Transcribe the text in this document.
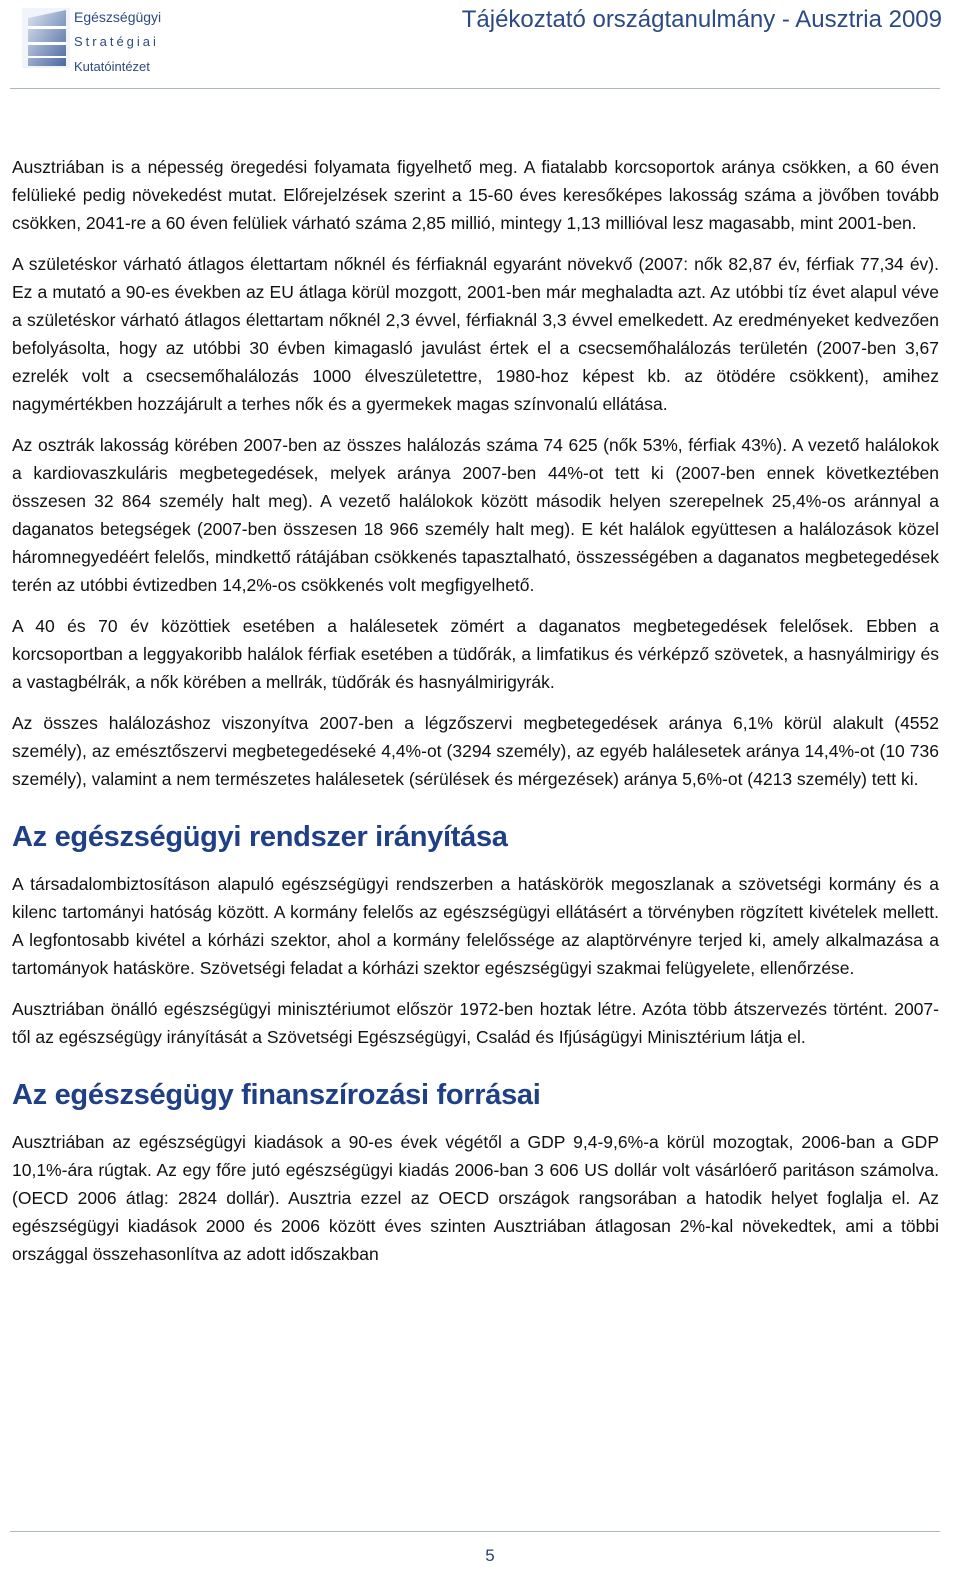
Egészségügyi
Stratégiai
Kutatóintézet
Tájékoztató országtanulmány - Ausztria 2009

Ausztriában is a népesség öregedési folyamata figyelhető meg. A fiatalabb korcsoportok aránya csökken, a 60 éven felülieké pedig növekedést mutat. Előrejelzések szerint a 15-60 éves keresőképes lakosság száma a jövőben tovább csökken, 2041-re a 60 éven felüliek várható száma 2,85 millió, mintegy 1,13 millióval lesz magasabb, mint 2001-ben.

A születéskor várható átlagos élettartam nőknél és férfiaknál egyaránt növekvő (2007: nők 82,87 év, férfiak 77,34 év). Ez a mutató a 90-es években az EU átlaga körül mozgott, 2001-ben már meghaladta azt. Az utóbbi tíz évet alapul véve a születéskor várható átlagos élettartam nőknél 2,3 évvel, férfiaknál 3,3 évvel emelkedett. Az eredményeket kedvezően befolyásolta, hogy az utóbbi 30 évben kimagasló javulást értek el a csecsemőhalálozás területén (2007-ben 3,67 ezrelék volt a csecsemőhalálozás 1000 élveszületettre, 1980-hoz képest kb. az ötödére csökkent), amihez nagymértékben hozzájárult a terhes nők és a gyermekek magas színvonalú ellátása.

Az osztrák lakosság körében 2007-ben az összes halálozás száma 74 625 (nők 53%, férfiak 43%). A vezető halálokok a kardiovaszkuláris megbetegedések, melyek aránya 2007-ben 44%-ot tett ki (2007-ben ennek következtében összesen 32 864 személy halt meg). A vezető halálokok között második helyen szerepelnek 25,4%-os aránnyal a daganatos betegségek (2007-ben összesen 18 966 személy halt meg). E két halálok együttesen a halálozások közel háromnegyedéért felelős, mindkettő rátájában csökkenés tapasztalható, összességében a daganatos megbetegedések terén az utóbbi évtizedben 14,2%-os csökkenés volt megfigyelhető.

A 40 és 70 év közöttiek esetében a halálesetek zömért a daganatos megbetegedések felelősek. Ebben a korcsoportban a leggyakoribb halálok férfiak esetében a tüdőrák, a limfatikus és vérképző szövetek, a hasnyálmirigy és a vastagbélrák, a nők körében a mellrák, tüdőrák és hasnyálmirigyrák.

Az összes halálozáshoz viszonyítva 2007-ben a légzőszervi megbetegedések aránya 6,1% körül alakult (4552 személy), az emésztőszervi megbetegedéseké 4,4%-ot (3294 személy), az egyéb halálesetek aránya 14,4%-ot (10 736 személy), valamint a nem természetes halálesetek (sérülések és mérgezések) aránya 5,6%-ot (4213 személy) tett ki.

Az egészségügyi rendszer irányítása

A társadalombiztosításon alapuló egészségügyi rendszerben a hatáskörök megoszlanak a szövetségi kormány és a kilenc tartományi hatóság között. A kormány felelős az egészségügyi ellátásért a törvényben rögzített kivételek mellett. A legfontosabb kivétel a kórházi szektor, ahol a kormány felelőssége az alaptörvényre terjed ki, amely alkalmazása a tartományok hatásköre. Szövetségi feladat a kórházi szektor egészségügyi szakmai felügyelete, ellenőrzése.

Ausztriában önálló egészségügyi minisztériumot először 1972-ben hoztak létre. Azóta több átszervezés történt. 2007-től az egészségügy irányítását a Szövetségi Egészségügyi, Család és Ifjúságügyi Minisztérium látja el.

Az egészségügy finanszírozási forrásai

Ausztriában az egészségügyi kiadások a 90-es évek végétől a GDP 9,4-9,6%-a körül mozogtak, 2006-ban a GDP 10,1%-ára rúgtak. Az egy főre jutó egészségügyi kiadás 2006-ban 3 606 US dollár volt vásárlóerő paritáson számolva. (OECD 2006 átlag: 2824 dollár). Ausztria ezzel az OECD országok rangsorában a hatodik helyet foglalja el. Az egészségügyi kiadások 2000 és 2006 között éves szinten Ausztriában átlagosan 2%-kal növekedtek, ami a többi országgal összehasonlítva az adott időszakban

5
